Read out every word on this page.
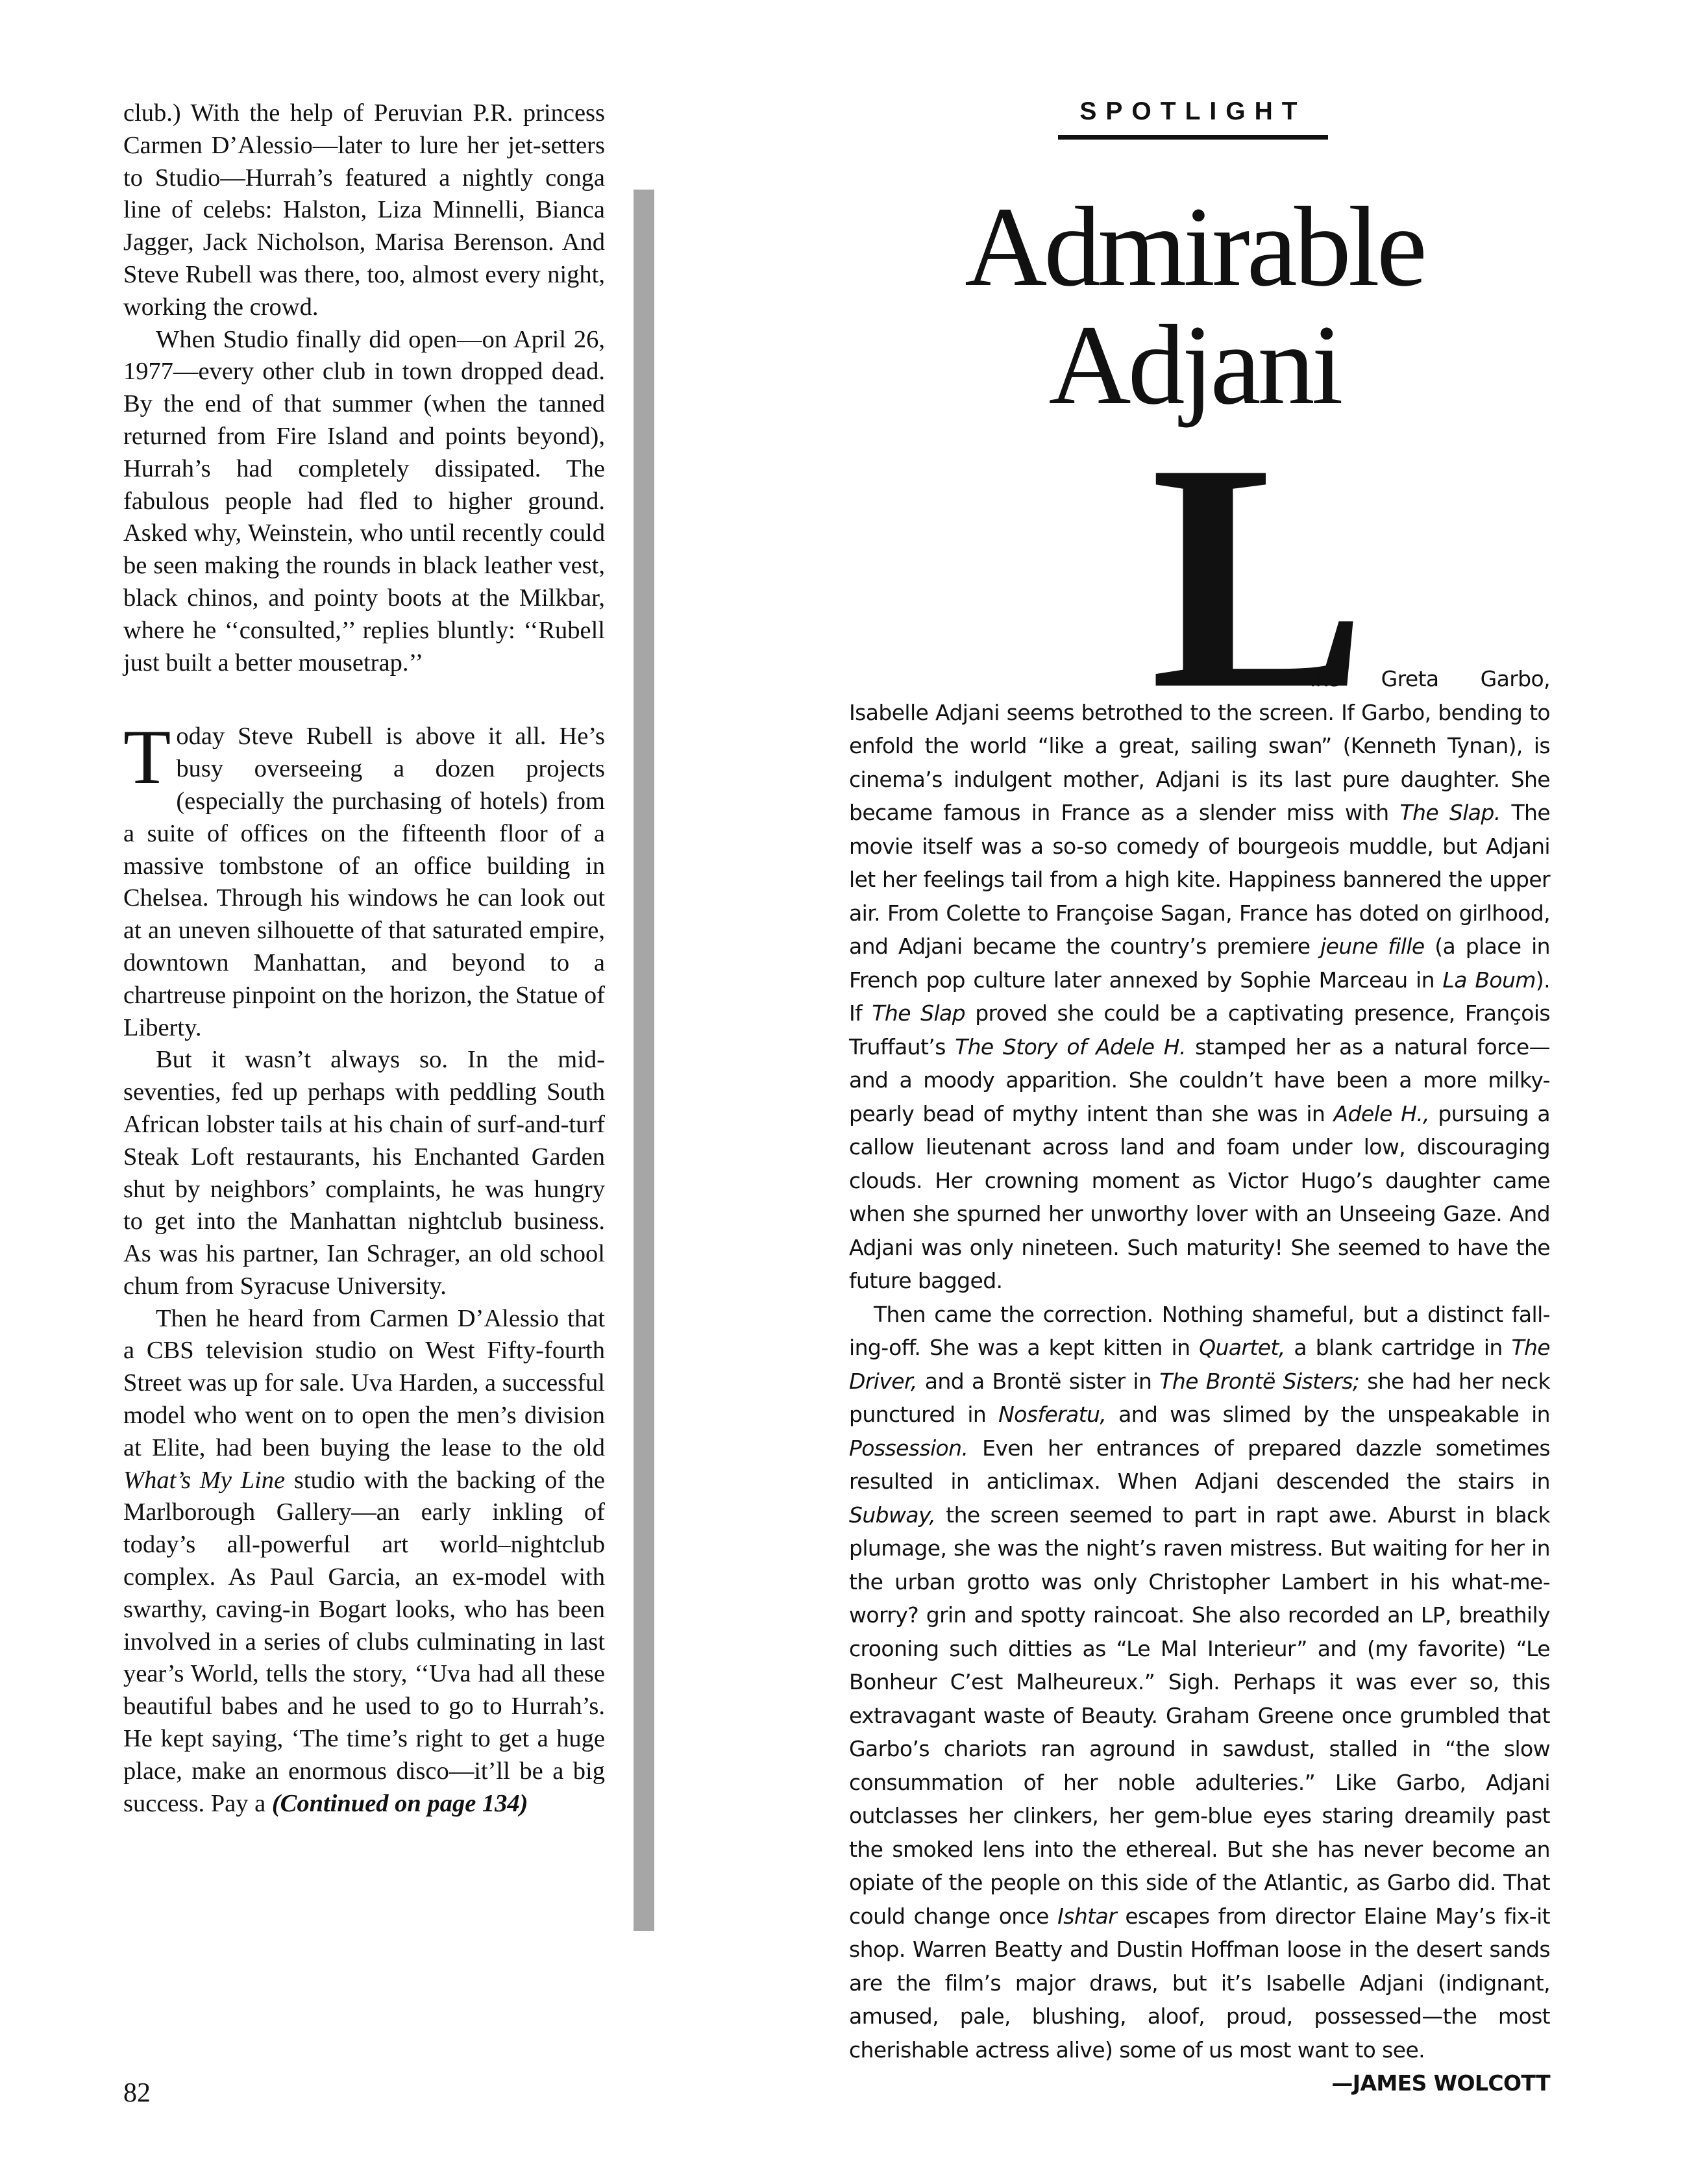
club.) With the help of Peruvian P.R. princess Carmen D’Alessio—later to lure her jet-setters to Studio—Hurrah’s featured a nightly conga line of celebs: Halston, Liza Minnelli, Bianca Jagger, Jack Nicholson, Marisa Berenson. And Steve Rubell was there, too, almost every night, working the crowd.

When Studio finally did open—on April 26, 1977—every other club in town dropped dead. By the end of that summer (when the tanned returned from Fire Island and points beyond), Hurrah’s had completely dissipated. The fabulous people had fled to higher ground. Asked why, Weinstein, who until recently could be seen making the rounds in black leather vest, black chinos, and pointy boots at the Milkbar, where he ‘‘consulted,’’ replies bluntly: ‘‘Rubell just built a better mousetrap.’’

Today Steve Rubell is above it all. He’s busy overseeing a dozen projects (especially the purchasing of hotels) from a suite of offices on the fifteenth floor of a massive tombstone of an office building in Chelsea. Through his windows he can look out at an uneven silhouette of that saturated empire, downtown Manhattan, and beyond to a chartreuse pinpoint on the horizon, the Statue of Liberty.

But it wasn’t always so. In the mid-seventies, fed up perhaps with peddling South African lobster tails at his chain of surf-and-turf Steak Loft restaurants, his Enchanted Garden shut by neighbors’ complaints, he was hungry to get into the Manhattan nightclub business. As was his partner, Ian Schrager, an old school chum from Syracuse University.

Then he heard from Carmen D’Alessio that a CBS television studio on West Fifty-fourth Street was up for sale. Uva Harden, a successful model who went on to open the men’s division at Elite, had been buying the lease to the old What’s My Line studio with the backing of the Marlborough Gallery—an early inkling of today’s all-powerful art world–nightclub complex. As Paul Garcia, an ex-model with swarthy, caving-in Bogart looks, who has been involved in a series of clubs culminating in last year’s World, tells the story, ‘‘Uva had all these beautiful babes and he used to go to Hurrah’s. He kept saying, ‘The time’s right to get a huge place, make an enormous disco—it’ll be a big success. Pay a (Continued on page 134)

82
SPOTLIGHT
Admirable
Adjani
L

ike Greta Garbo, Isabelle Adjani seems betrothed to the screen. If Garbo, bending to enfold the world “like a great, sailing swan” (Kenneth Tynan), is cinema’s indulgent mother, Adjani is its last pure daughter. She became famous in France as a slender miss with The Slap. The movie itself was a so-so comedy of bourgeois muddle, but Adjani let her feelings tail from a high kite. Happiness bannered the upper air. From Colette to Françoise Sagan, France has doted on girlhood, and Adjani became the country’s premiere jeune fille (a place in French pop culture later annexed by Sophie Marceau in La Boum). If The Slap proved she could be a captivating presence, François Truffaut’s The Story of Adele H. stamped her as a natural force—and a moody apparition. She couldn’t have been a more milky-pearly bead of mythy intent than she was in Adele H., pursuing a callow lieutenant across land and foam under low, discouraging clouds. Her crowning moment as Victor Hugo’s daughter came when she spurned her unworthy lover with an Unseeing Gaze. And Adjani was only nineteen. Such maturity! She seemed to have the future bagged.

Then came the correction. Nothing shameful, but a distinct fall-ing-off. She was a kept kitten in Quartet, a blank cartridge in The Driver, and a Brontë sister in The Brontë Sisters; she had her neck punctured in Nosferatu, and was slimed by the unspeakable in Possession. Even her entrances of prepared dazzle sometimes resulted in anticlimax. When Adjani descended the stairs in Subway, the screen seemed to part in rapt awe. Aburst in black plumage, she was the night’s raven mistress. But waiting for her in the urban grotto was only Christopher Lambert in his what-me-worry? grin and spotty raincoat. She also recorded an LP, breathily crooning such ditties as “Le Mal Interieur” and (my favorite) “Le Bonheur C’est Malheureux.” Sigh. Perhaps it was ever so, this extravagant waste of Beauty. Graham Greene once grumbled that Garbo’s chariots ran aground in sawdust, stalled in “the slow consummation of her noble adulteries.” Like Garbo, Adjani outclasses her clinkers, her gem-blue eyes staring dreamily past the smoked lens into the ethereal. But she has never become an opiate of the people on this side of the Atlantic, as Garbo did. That could change once Ishtar escapes from director Elaine May’s fix-it shop. Warren Beatty and Dustin Hoffman loose in the desert sands are the film’s major draws, but it’s Isabelle Adjani (indignant, amused, pale, blushing, aloof, proud, possessed—the most cherishable actress alive) some of us most want to see.
—JAMES WOLCOTT
